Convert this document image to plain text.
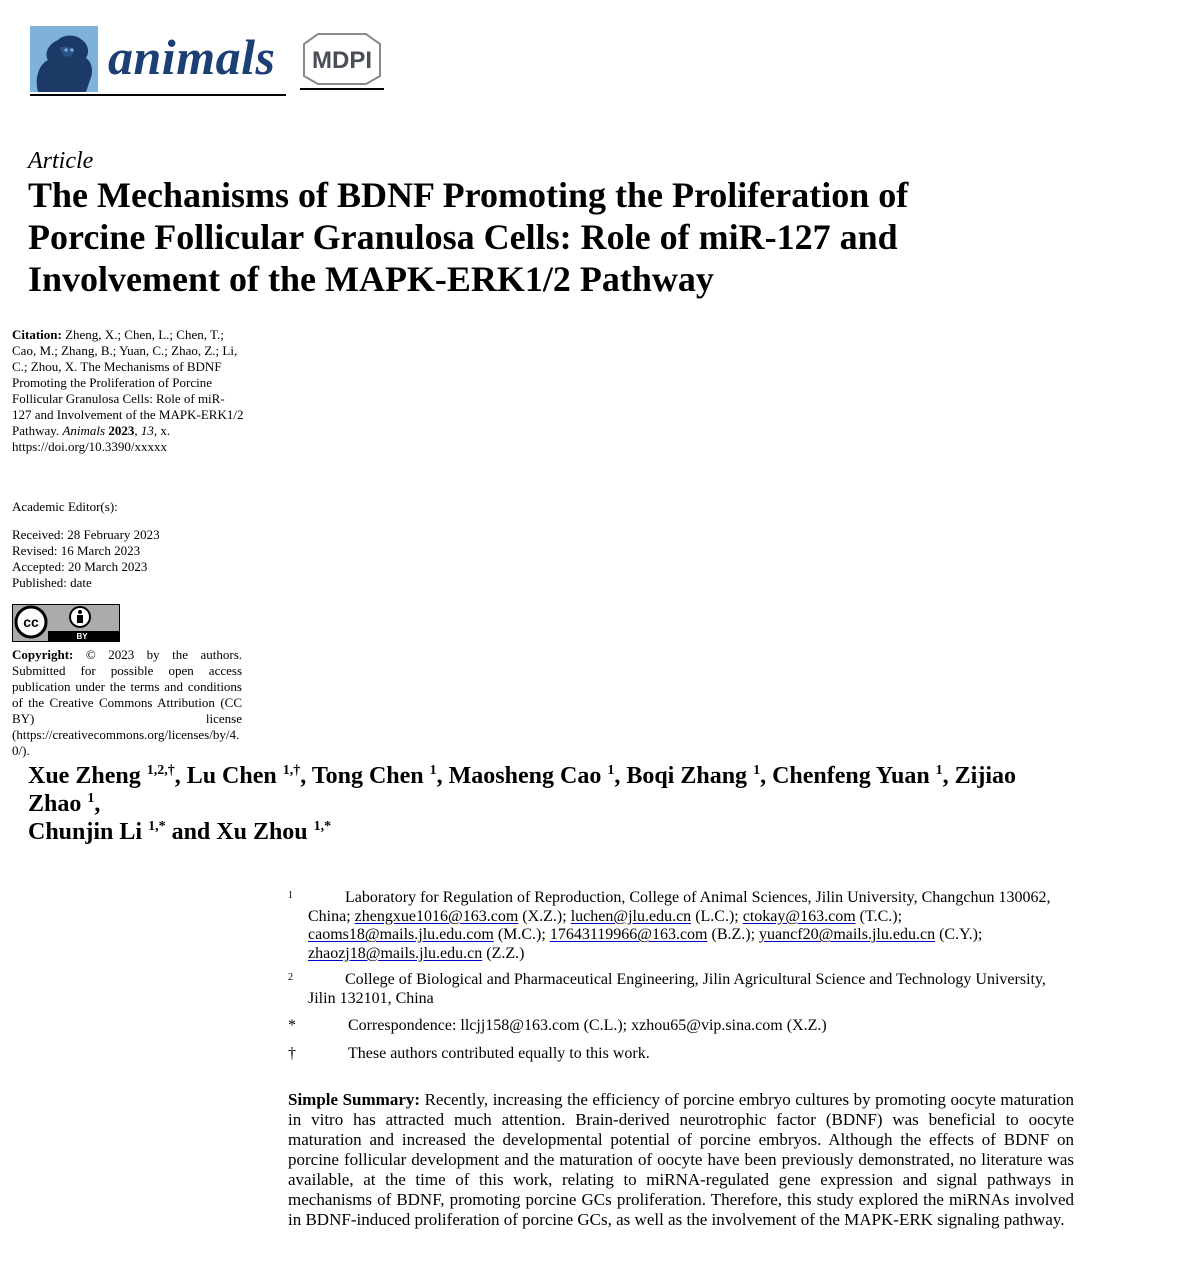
animals MDPI
Article
The Mechanisms of BDNF Promoting the Proliferation of Porcine Follicular Granulosa Cells: Role of miR-127 and Involvement of the MAPK-ERK1/2 Pathway
Citation: Zheng, X.; Chen, L.; Chen, T.; Cao, M.; Zhang, B.; Yuan, C.; Zhao, Z.; Li, C.; Zhou, X. The Mechanisms of BDNF Promoting the Proliferation of Porcine Follicular Granulosa Cells: Role of miR-127 and Involvement of the MAPK-ERK1/2 Pathway. Animals 2023, 13, x.
https://doi.org/10.3390/xxxxx
Academic Editor(s):
Received: 28 February 2023
Revised: 16 March 2023
Accepted: 20 March 2023
Published: date
cc
BY
Copyright: © 2023 by the authors. Submitted for possible open access publication under the terms and conditions of the Creative Commons Attribution (CC BY) license (https://creativecommons.org/licenses/by/4.0/).
Xue Zheng $^{1,2,\dagger}$, Lu Chen $^{1,\dagger}$, Tong Chen $^1$, Maosheng Cao $^1$, Boqi Zhang $^1$, Chenfeng Yuan $^1$, Zijiao Zhao $^1$,
Chunjin Li $^{1,*}$ and Xu Zhou $^{1,*}$
1	Laboratory for Regulation of Reproduction, College of Animal Sciences, Jilin University, Changchun 130062, China; zhengxue1016@163.com (X.Z.); luchen@jlu.edu.cn (L.C.); ctokay@163.com (T.C.);
caoms18@mails.jlu.edu.com (M.C.); 17643119966@163.com (B.Z.); yuancf20@mails.jlu.edu.cn (C.Y.);
zhaozj18@mails.jlu.edu.cn (Z.Z.)
2	College of Biological and Pharmaceutical Engineering, Jilin Agricultural Science and Technology University, Jilin 132101, China
*	Correspondence: llcjj158@163.com (C.L.); xzhou65@vip.sina.com (X.Z.)
†	These authors contributed equally to this work.

Simple Summary: Recently, increasing the efficiency of porcine embryo cultures by promoting oocyte maturation in vitro has attracted much attention. Brain-derived neurotrophic factor (BDNF) was beneficial to oocyte maturation and increased the developmental potential of porcine embryos. Although the effects of BDNF on porcine follicular development and the maturation of oocyte have been previously demonstrated, no literature was available, at the time of this work, relating to miRNA-regulated gene expression and signal pathways in mechanisms of BDNF, promoting porcine GCs proliferation. Therefore, this study explored the miRNAs involved in BDNF-induced proliferation of porcine GCs, as well as the involvement of the MAPK-ERK signaling pathway.
